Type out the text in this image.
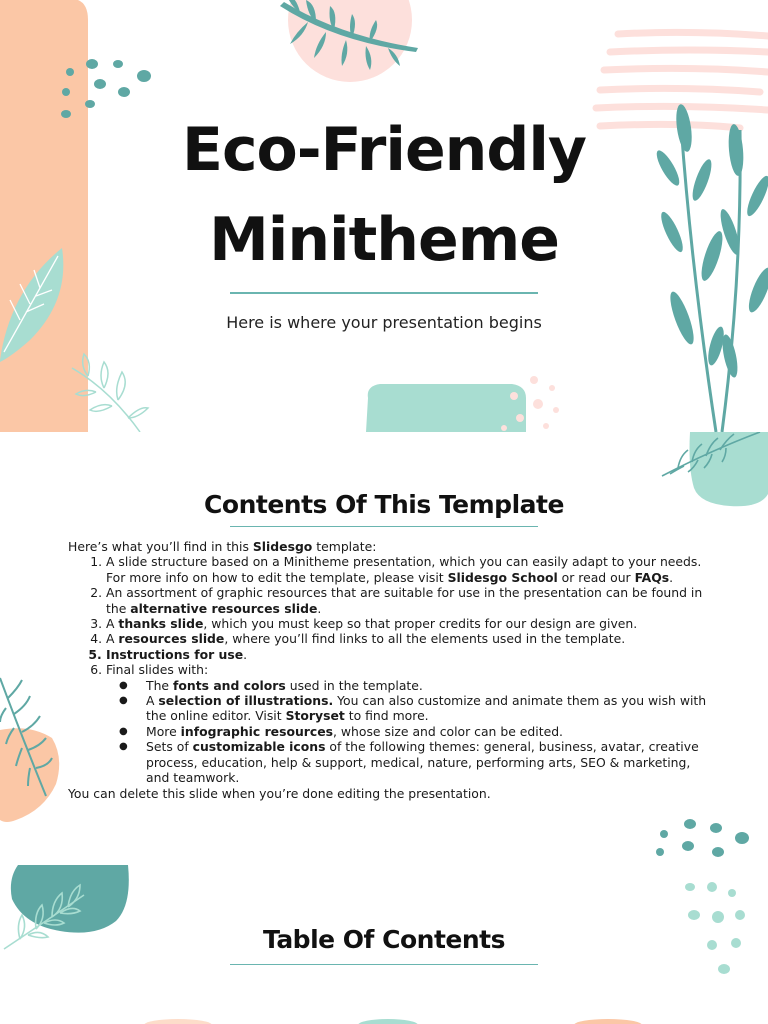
Eco-Friendly
Minitheme
Here is where your presentation begins
Contents Of This Template

Here’s what you’ll find in this Slidesgo template:

1. A slide structure based on a Minitheme presentation, which you can easily adapt to your needs. For more info on how to edit the template, please visit Slidesgo School or read our FAQs.
2. An assortment of graphic resources that are suitable for use in the presentation can be found in the alternative resources slide.
3. A thanks slide, which you must keep so that proper credits for our design are given.
4. A resources slide, where you’ll find links to all the elements used in the template.
5. Instructions for use.
6. Final slides with:
● The fonts and colors used in the template.
● A selection of illustrations. You can also customize and animate them as you wish with the online editor. Visit Storyset to find more.
● More infographic resources, whose size and color can be edited.
● Sets of customizable icons of the following themes: general, business, avatar, creative process, education, help & support, medical, nature, performing arts, SEO & marketing, and teamwork.

You can delete this slide when you’re done editing the presentation.

Table Of Contents
